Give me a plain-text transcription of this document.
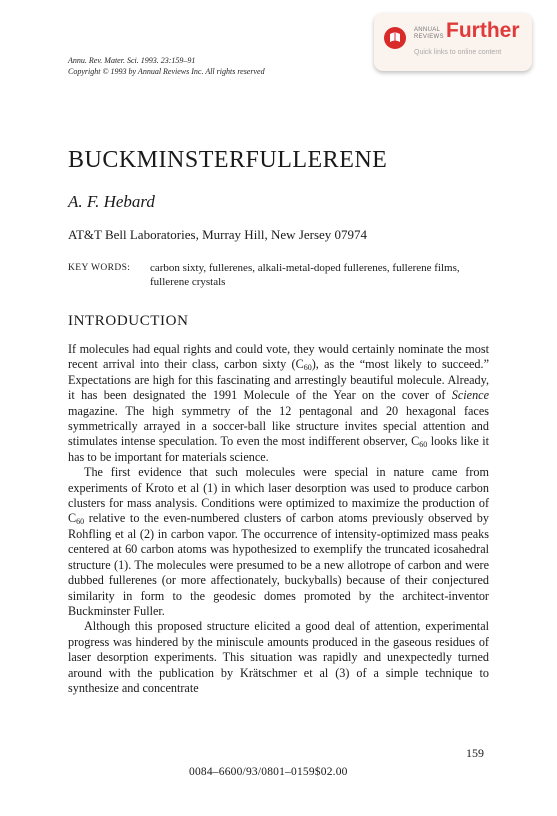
Annu. Rev. Mater. Sci. 1993. 23:159–91
Copyright © 1993 by Annual Reviews Inc. All rights reserved
ANNUAL
REVIEWS Further
Quick links to online content
BUCKMINSTERFULLERENE
A. F. Hebard
AT&T Bell Laboratories, Murray Hill, New Jersey 07974
KEY WORDS: carbon sixty, fullerenes, alkali-metal-doped fullerenes, fullerene films, fullerene crystals
INTRODUCTION

If molecules had equal rights and could vote, they would certainly nominate the most recent arrival into their class, carbon sixty $(C_{60})$, as the “most likely to succeed.” Expectations are high for this fascinating and arrestingly beautiful molecule. Already, it has been designated the 1991 Molecule of the Year on the cover of Science magazine. The high symmetry of the 12 pentagonal and 20 hexagonal faces symmetrically arrayed in a soccer-ball like structure invites special attention and stimulates intense speculation. To even the most indifferent observer, $C_{60}$ looks like it has to be important for materials science.

The first evidence that such molecules were special in nature came from experiments of Kroto et al (1) in which laser desorption was used to produce carbon clusters for mass analysis. Conditions were optimized to maximize the production of $C_{60}$ relative to the even-numbered clusters of carbon atoms previously observed by Rohfling et al (2) in carbon vapor. The occurrence of intensity-optimized mass peaks centered at 60 carbon atoms was hypothesized to exemplify the truncated icosahedral structure (1). The molecules were presumed to be a new allotrope of carbon and were dubbed fullerenes (or more affectionately, buckyballs) because of their conjectured similarity in form to the geodesic domes promoted by the architect-inventor Buckminster Fuller.

Although this proposed structure elicited a good deal of attention, experimental progress was hindered by the miniscule amounts produced in the gaseous residues of laser desorption experiments. This situation was rapidly and unexpectedly turned around with the publication by Krätschmer et al (3) of a simple technique to synthesize and concentrate

159
0084–6600/93/0801–0159$02.00
